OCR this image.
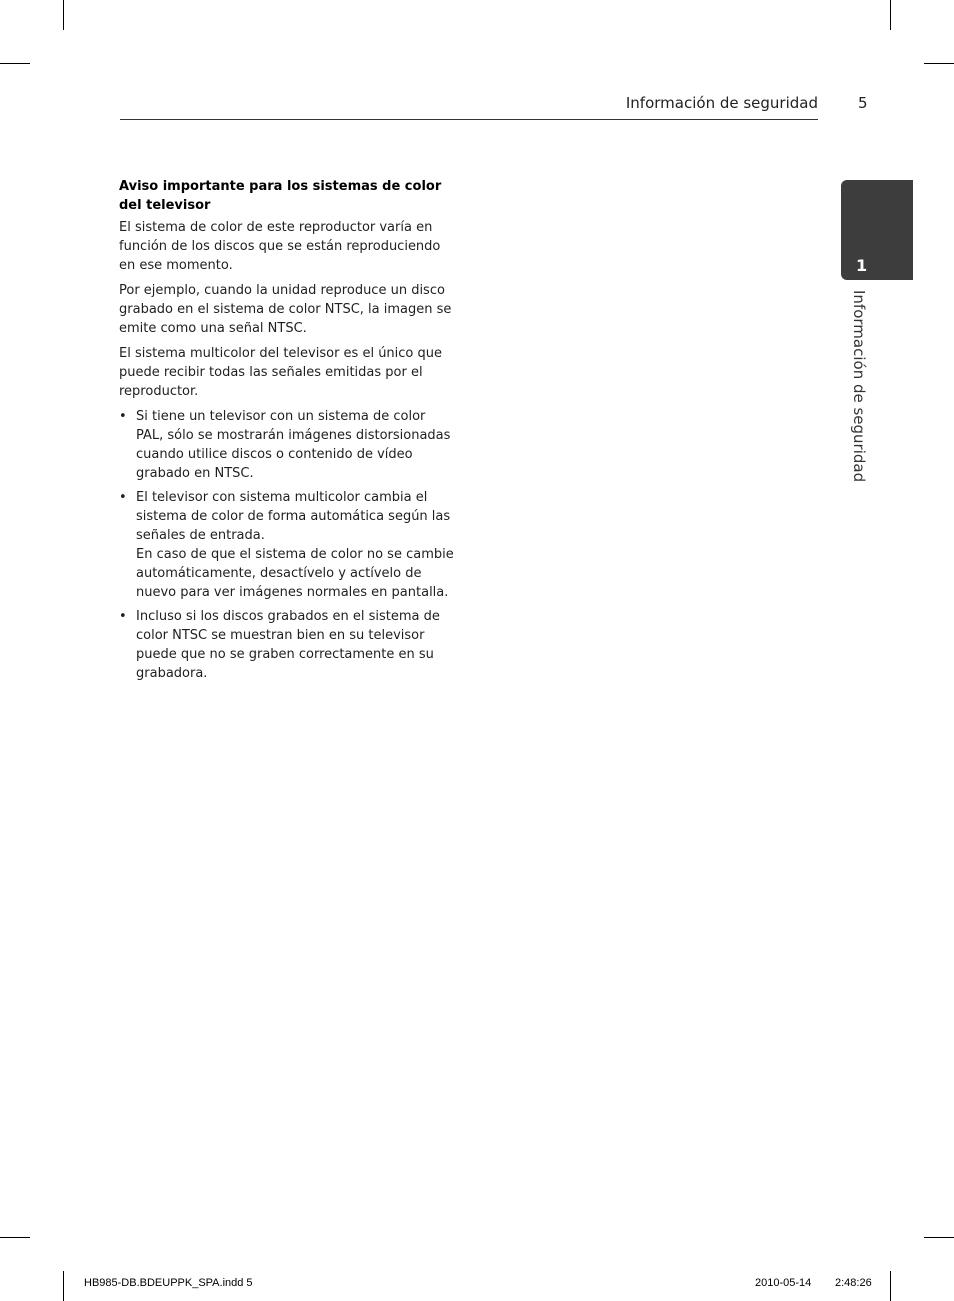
Información de seguridad	5
1
Información de seguridad

Aviso importante para los sistemas de color del televisor

El sistema de color de este reproductor varía en función de los discos que se están reproduciendo en ese momento.

Por ejemplo, cuando la unidad reproduce un disco grabado en el sistema de color NTSC, la imagen se emite como una señal NTSC.

El sistema multicolor del televisor es el único que puede recibir todas las señales emitidas por el reproductor.

• Si tiene un televisor con un sistema de color PAL, sólo se mostrarán imágenes distorsionadas cuando utilice discos o contenido de vídeo grabado en NTSC.
• El televisor con sistema multicolor cambia el sistema de color de forma automática según las señales de entrada.
En caso de que el sistema de color no se cambie automáticamente, desactívelo y actívelo de nuevo para ver imágenes normales en pantalla.
• Incluso si los discos grabados en el sistema de color NTSC se muestran bien en su televisor puede que no se graben correctamente en su grabadora.
HB985-DB.BDEUPPK_SPA.indd 5	2010-05-14 2:48:26
